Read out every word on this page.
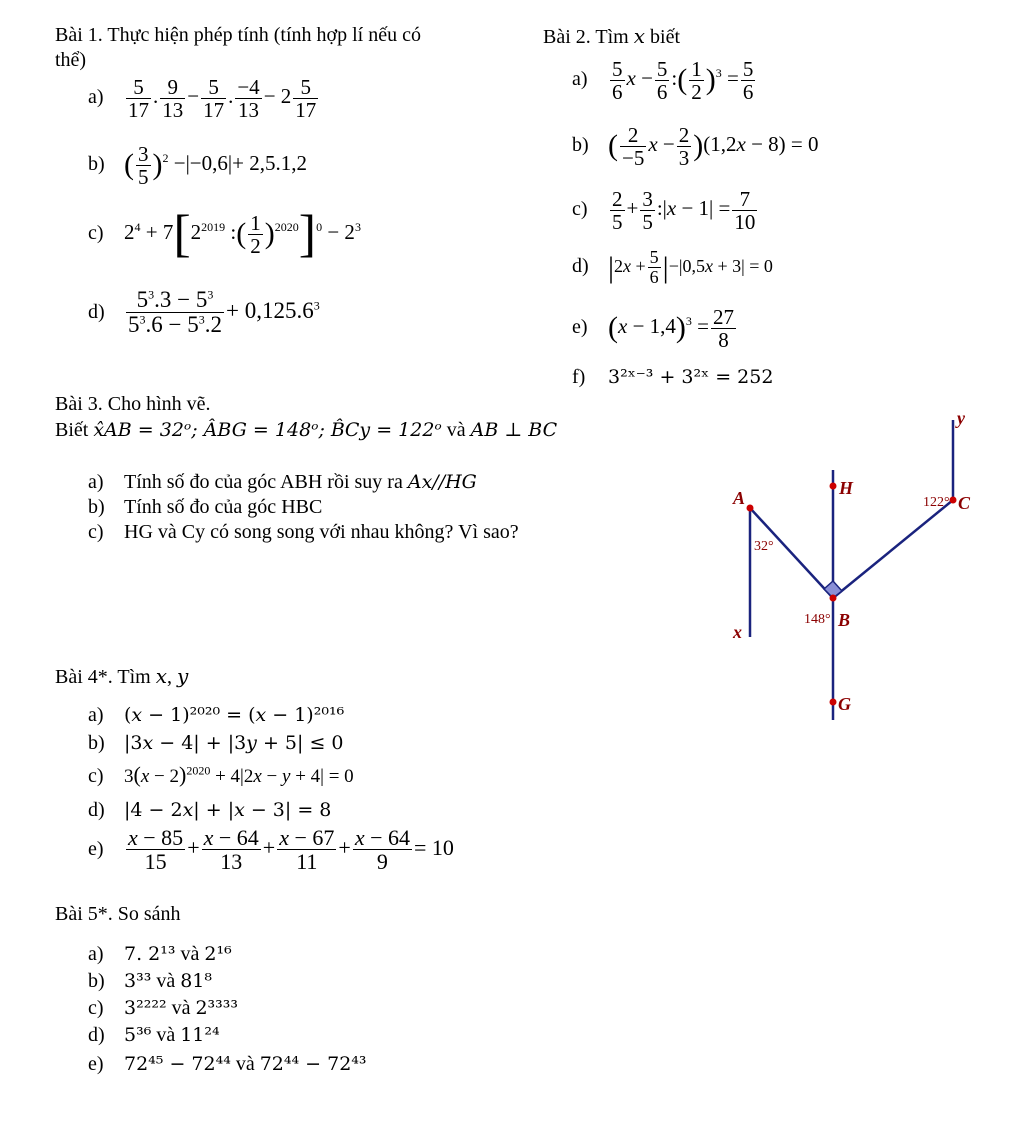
Bài 1. Thực hiện phép tính (tính hợp lí nếu có
thể)
$a) \frac{5}{17}$ . $\frac{9}{13} - \frac{5}{17}$ . $\frac{-4}{13} - 2 \frac{5}{17}$
b) ( $\frac{3}{5} )^2 -|-0,6|+ 2,5.1,2$
c) $2^4 + 7[2^{2019}$ :( $\frac{1}{2} )^{2020}]^0 - 2^3$
$d) \frac{5^3.3 - 5^3}{5^3.6 - 5^3.2} + 0,125.6^3$
Bài 2. Tìm 𝑥 biết
$a) \frac{5}{6}$ $x - \frac{5}{6}$ :( $\frac{1}{2} )^3 = \frac{5}{6}$
b) ( $\frac{2}{-5}$ $x - \frac{2}{3} )(1,2x - 8) = 0$
$c) \frac{2}{5} + \frac{3}{5}$ :|x − $1| = \frac{7}{10}$
d) $|2x + \frac{5}{6} |-|0,5x + 3| = 0$
e) $(x - 1,4)^3 = \frac{27}{8}$
f) 3²ˣ⁻³ + 3²ˣ = 252
Bài 3. Cho hình vẽ.
Biết x̂AB = 32ᵒ; ÂBG = 148ᵒ; B̂Cy = 122ᵒ và AB ⊥ BC
a) Tính số đo của góc ABH rồi suy ra Ax//HG
b) Tính số đo của góc HBC
c) HG và Cy có song song với nhau không? Vì sao?
A	H
C
B
G
x
y
32°
148°
122°
Bài 4*. Tìm 𝑥, 𝑦
a) (𝑥 − 1)²⁰²⁰ = (𝑥 − 1)²⁰¹⁶
b) |3𝑥 − 4| + |3𝑦 + 5| ≤ 0
c) $3(x - 2)^{2020} + 4|2x - y + 4| = 0$
d) |4 − 2𝑥| + |𝑥 − 3| = 8
$e) \frac{x - 85}{15} + \frac{x - 64}{13} + \frac{x - 67}{11} + \frac{x - 64}{9} = 10$
Bài 5*. So sánh
a) 7. 2¹³ và 2¹⁶
b) 3³³ và 81⁸
c) 3²²²² và 2³³³³
d) 5³⁶ và 11²⁴
e) 72⁴⁵ − 72⁴⁴ và 72⁴⁴ − 72⁴³
